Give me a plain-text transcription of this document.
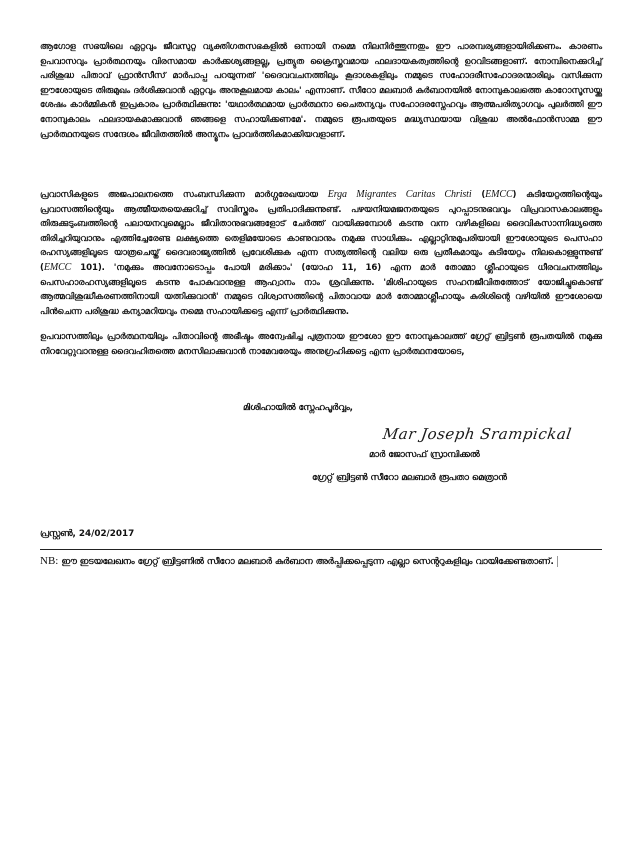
ആഗോള സഭയിലെ ഏറ്റവും ജീവസുറ്റ വ്യക്തിഗതസഭകളിൽ ഒന്നായി നമ്മെ നിലനിർത്തുന്നതും ഈ പാരമ്പര്യങ്ങളായിരിക്കണം. കാരണം ഉപവാസവും പ്രാർത്ഥനയും വിരസമായ കാർക്കശ്യങ്ങളല്ല, പ്രത്യുത ക്രൈസ്തവമായ ഫലദായകത്വത്തിന്റെ ഉറവിടങ്ങളാണ്. നോമ്പിനെക്കുറിച്ച് പരിശുദ്ധ പിതാവ് ഫ്രാൻസീസ് മാർപാപ്പ പറയുന്നത് 'ദൈവവചനത്തിലും കൂദാശകളിലും നമ്മുടെ സഹോദരീസഹോദരന്മാരിലും വസിക്കുന്ന ഈശോയുടെ തിരുമുഖം ദർശിക്കുവാൻ ഏറ്റവും അനുകൂലമായ കാലം' എന്നാണ്. സീറോ മലബാർ കുർബാനയിൽ നോമ്പുകാലത്തെ കാറോസൂസയ്ക്കു ശേഷം കാർമ്മികൻ ഇപ്രകാരം പ്രാർത്ഥിക്കുന്നു: 'യഥാർത്ഥമായ പ്രാർത്ഥനാ ചൈതന്യവും സഹോദരസ്നേഹവും ആത്മപരിത്യാഗവും പുലർത്തി ഈ നോമ്പുകാലം ഫലദായകമാക്കുവാൻ ഞങ്ങളെ സഹായിക്കണമേ'. നമ്മുടെ രൂപതയുടെ മദ്ധ്യസ്ഥയായ വിശുദ്ധ അൽഫോൻസാമ്മ ഈ പ്രാർത്ഥനയുടെ സന്ദേശം ജീവിതത്തിൽ അന്യൂനം പ്രാവർത്തികമാക്കിയവളാണ്.

പ്രവാസികളുടെ അജപാലനത്തെ സംബന്ധിക്കുന്ന മാർഗ്ഗരേഖയായ Erga Migrantes Caritas Christi (EMCC) കുടിയേറ്റത്തിന്റെയും പ്രവാസത്തിന്റെയും ആത്മീയതയെക്കുറിച്ച് സവിസ്തരം പ്രതിപാദിക്കുന്നുണ്ട്. പഴയനിയമജനതയുടെ പുറപ്പാടനുഭവവും വിപ്രവാസകാലങ്ങളും തിരുക്കുടുംബത്തിന്റെ പലായനവുമെല്ലാം ജീവിതാനുഭവങ്ങളോട് ചേർത്ത് വായിക്കുമ്പോൾ കടന്നു വന്ന വഴികളിലെ ദൈവികസാന്നിദ്ധ്യത്തെ തിരിച്ചറിയുവാനും എത്തിച്ചേരേണ്ട ലക്ഷ്യത്തെ തെളിമയോടെ കാണുവാനും നമുക്കു സാധിക്കും. എല്ലാറ്റിനുമുപരിയായി ഈശോയുടെ പെസഹാ രഹസ്യങ്ങളിലൂടെ യാത്രചെയ്ത് ദൈവരാജ്യത്തിൽ പ്രവേശിക്കുക എന്ന സത്യത്തിന്റെ വലിയ ഒരു പ്രതീകമായും കുടിയേറ്റം നിലകൊള്ളുന്നുണ്ട് (EMCC 101). 'നമുക്കും അവനോടൊപ്പം പോയി മരിക്കാം' (യോഹ 11, 16) എന്ന മാർ തോമ്മാ ശ്ലീഹായുടെ ധീരവചനത്തിലും പെസഹാരഹസ്യങ്ങളിലൂടെ കടന്നു പോകുവാനുള്ള ആഹ്വാനം നാം ശ്രവിക്കുന്നു. 'മിശിഹായുടെ സഹനജീവിതത്തോട് യോജിച്ചുകൊണ്ട് ആത്മവിശുദ്ധീകരണത്തിനായി യത്നിക്കുവാൻ' നമ്മുടെ വിശ്വാസത്തിന്റെ പിതാവായ മാർ തോമ്മാശ്ലീഹായും കുരിശിന്റെ വഴിയിൽ ഈശോയെ പിൻചെന്ന പരിശുദ്ധ കന്യാമറിയവും നമ്മെ സഹായിക്കട്ടെ എന്ന് പ്രാർത്ഥിക്കുന്നു.

ഉപവാസത്തിലും പ്രാർത്ഥനയിലും പിതാവിന്റെ അഭീഷ്ടം അന്വേഷിച്ച പുത്രനായ ഈശോ ഈ നോമ്പുകാലത്ത് ഗ്രേറ്റ് ബ്രിട്ടൺ രൂപതയിൽ നമുക്കു നിറവേറ്റുവാനുള്ള ദൈവഹിതത്തെ മനസിലാക്കുവാൻ നാമേവരേയും അനുഗ്രഹിക്കട്ടെ എന്ന പ്രാർത്ഥനയോടെ,

മിശിഹായിൽ സ്നേഹപൂർവ്വം,
Mar Joseph Srampickal
മാർ ജോസഫ് സ്രാമ്പിക്കൽ
ഗ്രേറ്റ് ബ്രിട്ടൺ സീറോ മലബാർ രൂപതാ മെത്രാൻ
പ്രസ്റ്റൺ, 24/02/2017
NB: ഈ ഇടയലേഖനം ഗ്രേറ്റ് ബ്രിട്ടണിൽ സീറോ മലബാർ കുർബാന അർപ്പിക്കപ്പെടുന്ന എല്ലാ സെന്ററുകളിലും വായിക്കേണ്ടതാണ്.
